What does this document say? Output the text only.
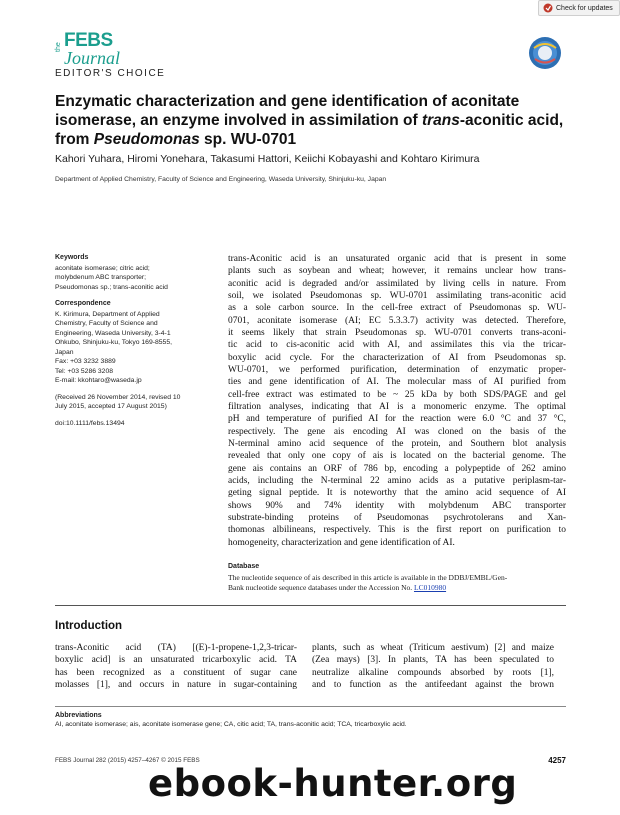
Check for updates
the FEBS
Journal
EDITOR'S CHOICE
Enzymatic characterization and gene identification of aconitate isomerase, an enzyme involved in assimilation of trans-aconitic acid, from Pseudomonas sp. WU-0701
Kahori Yuhara, Hiromi Yonehara, Takasumi Hattori, Keiichi Kobayashi and Kohtaro Kirimura
Department of Applied Chemistry, Faculty of Science and Engineering, Waseda University, Shinjuku-ku, Japan
Keywords
aconitate isomerase; citric acid;
molybdenum ABC transporter;
Pseudomonas sp.; trans-aconitic acid
Correspondence
K. Kirimura, Department of Applied
Chemistry, Faculty of Science and
Engineering, Waseda University, 3-4-1
Ohkubo, Shinjuku-ku, Tokyo 169-8555,
Japan
Fax: +03 3232 3889
Tel: +03 5286 3208
E-mail: kkohtaro@waseda.jp
(Received 26 November 2014, revised 10
July 2015, accepted 17 August 2015)
doi:10.1111/febs.13494
trans-Aconitic acid is an unsaturated organic acid that is present in some
plants such as soybean and wheat; however, it remains unclear how trans-
aconitic acid is degraded and/or assimilated by living cells in nature. From
soil, we isolated Pseudomonas sp. WU-0701 assimilating trans-aconitic acid
as a sole carbon source. In the cell-free extract of Pseudomonas sp. WU-
0701, aconitate isomerase (AI; EC 5.3.3.7) activity was detected. Therefore,
it seems likely that strain Pseudomonas sp. WU-0701 converts trans-aconi-
tic acid to cis-aconitic acid with AI, and assimilates this via the tricar-
boxylic acid cycle. For the characterization of AI from Pseudomonas sp.
WU-0701, we performed purification, determination of enzymatic proper-
ties and gene identification of AI. The molecular mass of AI purified from
cell-free extract was estimated to be ~ 25 kDa by both SDS/PAGE and gel
filtration analyses, indicating that AI is a monomeric enzyme. The optimal
pH and temperature of purified AI for the reaction were 6.0 °C and 37 °C,
respectively. The gene ais encoding AI was cloned on the basis of the
N-terminal amino acid sequence of the protein, and Southern blot analysis
revealed that only one copy of ais is located on the bacterial genome. The
gene ais contains an ORF of 786 bp, encoding a polypeptide of 262 amino
acids, including the N-terminal 22 amino acids as a putative periplasm-tar-
geting signal peptide. It is noteworthy that the amino acid sequence of AI
shows 90% and 74% identity with molybdenum ABC transporter
substrate-binding proteins of Pseudomonas psychrotolerans and Xan-
thomonas albilineans, respectively. This is the first report on purification to
homogeneity, characterization and gene identification of AI.
Database

The nucleotide sequence of ais described in this article is available in the DDBJ/EMBL/Gen-
Bank nucleotide sequence databases under the Accession No. LC010980

Introduction
trans-Aconitic acid (TA) [(E)-1-propene-1,2,3-tricar-
boxylic acid] is an unsaturated tricarboxylic acid. TA
has been recognized as a constituent of sugar cane
molasses [1], and occurs in nature in sugar-containing
plants, such as wheat (Triticum aestivum) [2] and maize
(Zea mays) [3]. In plants, TA has been speculated to
neutralize alkaline compounds absorbed by roots [1],
and to function as the antifeedant against the brown
Abbreviations
AI, aconitate isomerase; ais, aconitate isomerase gene; CA, citic acid; TA, trans-aconitic acid; TCA, tricarboxylic acid.
FEBS Journal 282 (2015) 4257–4267 © 2015 FEBS	4257
ebook-hunter.org
